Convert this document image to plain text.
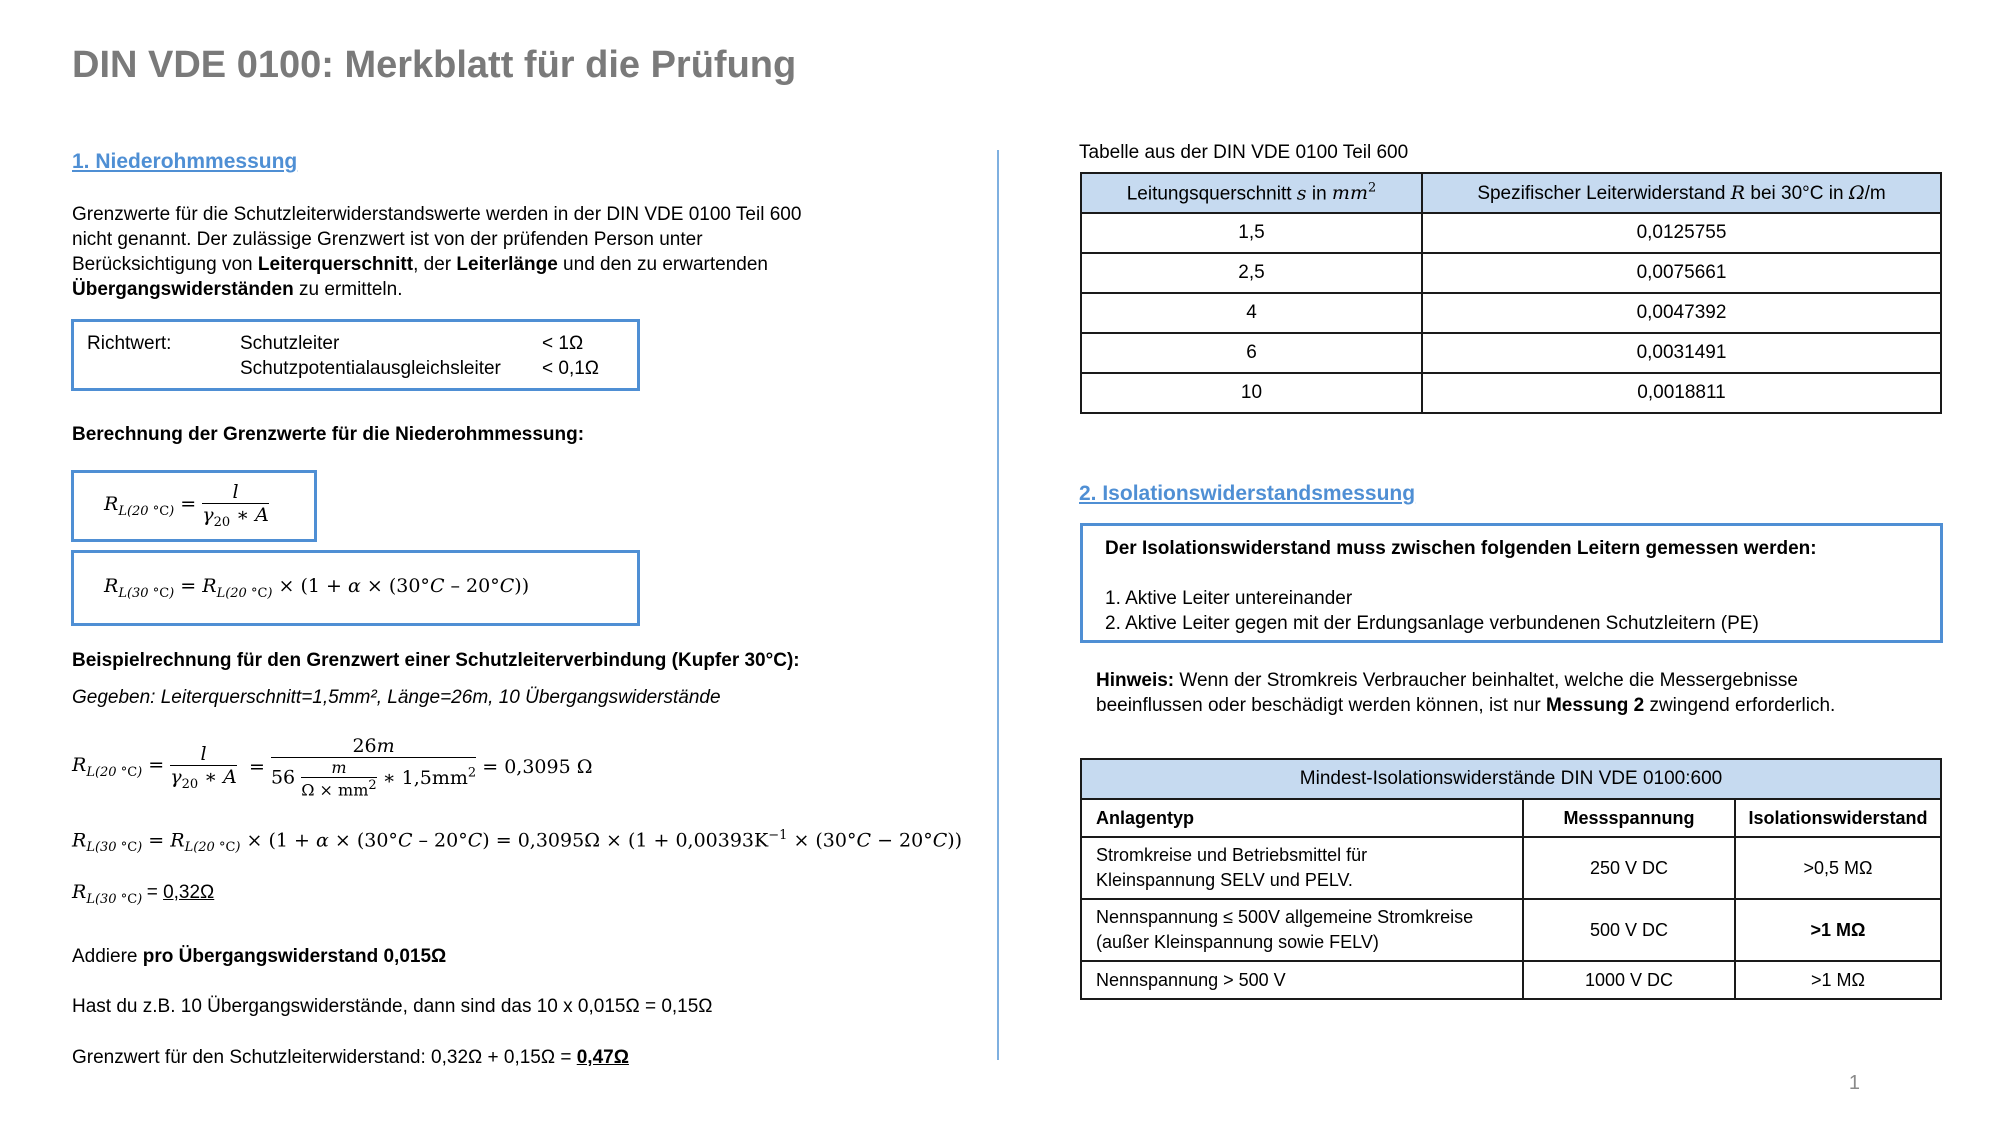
DIN VDE 0100: Merkblatt für die Prüfung
1. Niederohmmessung
Grenzwerte für die Schutzleiterwiderstandswerte werden in der DIN VDE 0100 Teil 600
nicht genannt. Der zulässige Grenzwert ist von der prüfenden Person unter
Berücksichtigung von Leiterquerschnitt, der Leiterlänge und den zu erwartenden
Übergangswiderständen zu ermitteln.
Richtwert:	Schutzleiter	< 1Ω
Schutzpotentialausgleichsleiter < 0,1Ω
Berechnung der Grenzwerte für die Niederohmmessung:
$R_{L(20 ^\circ C)} = \frac{l}{\gamma_{20} ∗ A}$
$R_{L(30 ^\circ C)} = R_{L(20 ^\circ C)} \times (1 + \alpha \times (30^\circ C - 20^\circ C))$
Beispielrechnung für den Grenzwert einer Schutzleiterverbindung (Kupfer 30°C):
Gegeben: Leiterquerschnitt=1,5mm², Länge=26m, 10 Übergangswiderstände
$R_{L(20 ^\circ C)} = \frac{l}{\gamma_{20} ∗ A} = \frac{26m}{56 \frac{m}{\Omega \times mm^2} ∗ 1,5mm^2} = 0,3095$ Ω
$R_{L(30 ^\circ C)} = R_{L(20 ^\circ C)} \times (1 + \alpha \times (30^\circ C - 20^\circ C) = 0,3095\Omega \times (1 + 0,00393K^{-1} \times (30^\circ C - 20^\circ C))$
$R_{L(30 ^\circ C)} = 0,32\Omega$
Addiere pro Übergangswiderstand 0,015Ω
Hast du z.B. 10 Übergangswiderstände, dann sind das 10 x 0,015Ω = 0,15Ω
Grenzwert für den Schutzleiterwiderstand: 0,32Ω + 0,15Ω = 0,47Ω
Tabelle aus der DIN VDE 0100 Teil 600
Leitungsquerschnitt s in $mm^2$	Spezifischer Leiterwiderstand R bei 30°C in Ω/m
1,5	0,0125755
2,5	0,0075661
4	0,0047392
6	0,0031491
10	0,0018811
2. Isolationswiderstandsmessung
Der Isolationswiderstand muss zwischen folgenden Leitern gemessen werden:
1. Aktive Leiter untereinander
2. Aktive Leiter gegen mit der Erdungsanlage verbundenen Schutzleitern (PE)
Hinweis: Wenn der Stromkreis Verbraucher beinhaltet, welche die Messergebnisse
beeinflussen oder beschädigt werden können, ist nur Messung 2 zwingend erforderlich.
Mindest-Isolationswiderstände DIN VDE 0100:600		
Anlagentyp	Messspannung	Isolationswiderstand

Stromkreise und Betriebsmittel für
Kleinspannung SELV und PELV.	250 V DC	>0,5 MΩ

Nennspannung ≤ 500V allgemeine Stromkreise
(außer Kleinspannung sowie FELV)	500 V DC	>1 MΩ
Nennspannung > 500 V	1000 V DC	>1 MΩ
1
